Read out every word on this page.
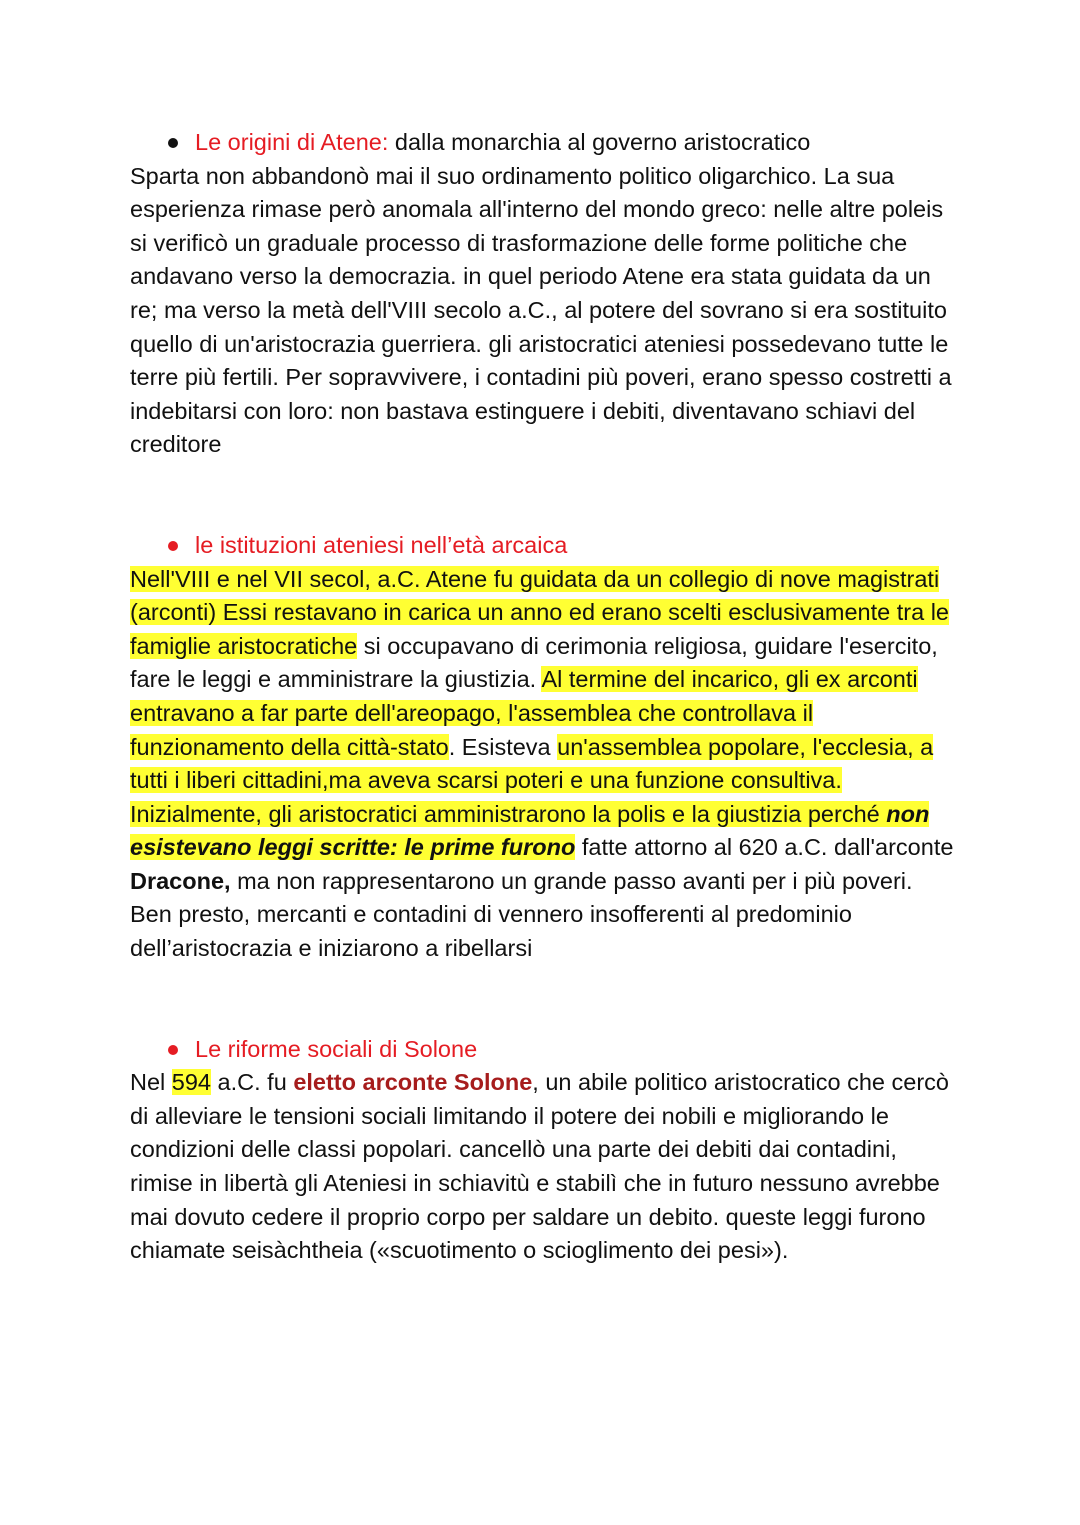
Le origini di Atene: dalla monarchia al governo aristocratico

Sparta non abbandonò mai il suo ordinamento politico oligarchico. La sua esperienza rimase però anomala all'interno del mondo greco: nelle altre poleis si verificò un graduale processo di trasformazione delle forme politiche che andavano verso la democrazia. in quel periodo Atene era stata guidata da un re; ma verso la metà dell'VIII secolo a.C., al potere del sovrano si era sostituito quello di un'aristocrazia guerriera. gli aristocratici ateniesi possedevano tutte le terre più fertili. Per sopravvivere, i contadini più poveri, erano spesso costretti a indebitarsi con loro: non bastava estinguere i debiti, diventavano schiavi del creditore

le istituzioni ateniesi nell’età arcaica

Nell'VIII e nel VII secol, a.C. Atene fu guidata da un collegio di nove magistrati (arconti) Essi restavano in carica un anno ed erano scelti esclusivamente tra le famiglie aristocratiche si occupavano di cerimonia religiosa, guidare l'esercito, fare le leggi e amministrare la giustizia. Al termine del incarico, gli ex arconti entravano a far parte dell'areopago, l'assemblea che controllava il funzionamento della città-stato. Esisteva un'assemblea popolare, l'ecclesia, a tutti i liberi cittadini,ma aveva scarsi poteri e una funzione consultiva. Inizialmente, gli aristocratici amministrarono la polis e la giustizia perché non esistevano leggi scritte: le prime furono fatte attorno al 620 a.C. dall'arconte Dracone, ma non rappresentarono un grande passo avanti per i più poveri. Ben presto, mercanti e contadini di vennero insofferenti al predominio dell’aristocrazia e iniziarono a ribellarsi

Le riforme sociali di Solone

Nel 594 a.C. fu eletto arconte Solone, un abile politico aristocratico che cercò di alleviare le tensioni sociali limitando il potere dei nobili e migliorando le condizioni delle classi popolari. cancellò una parte dei debiti dai contadini, rimise in libertà gli Ateniesi in schiavitù e stabilì che in futuro nessuno avrebbe mai dovuto cedere il proprio corpo per saldare un debito. queste leggi furono chiamate seisàchtheia («scuotimento o scioglimento dei pesi»).
